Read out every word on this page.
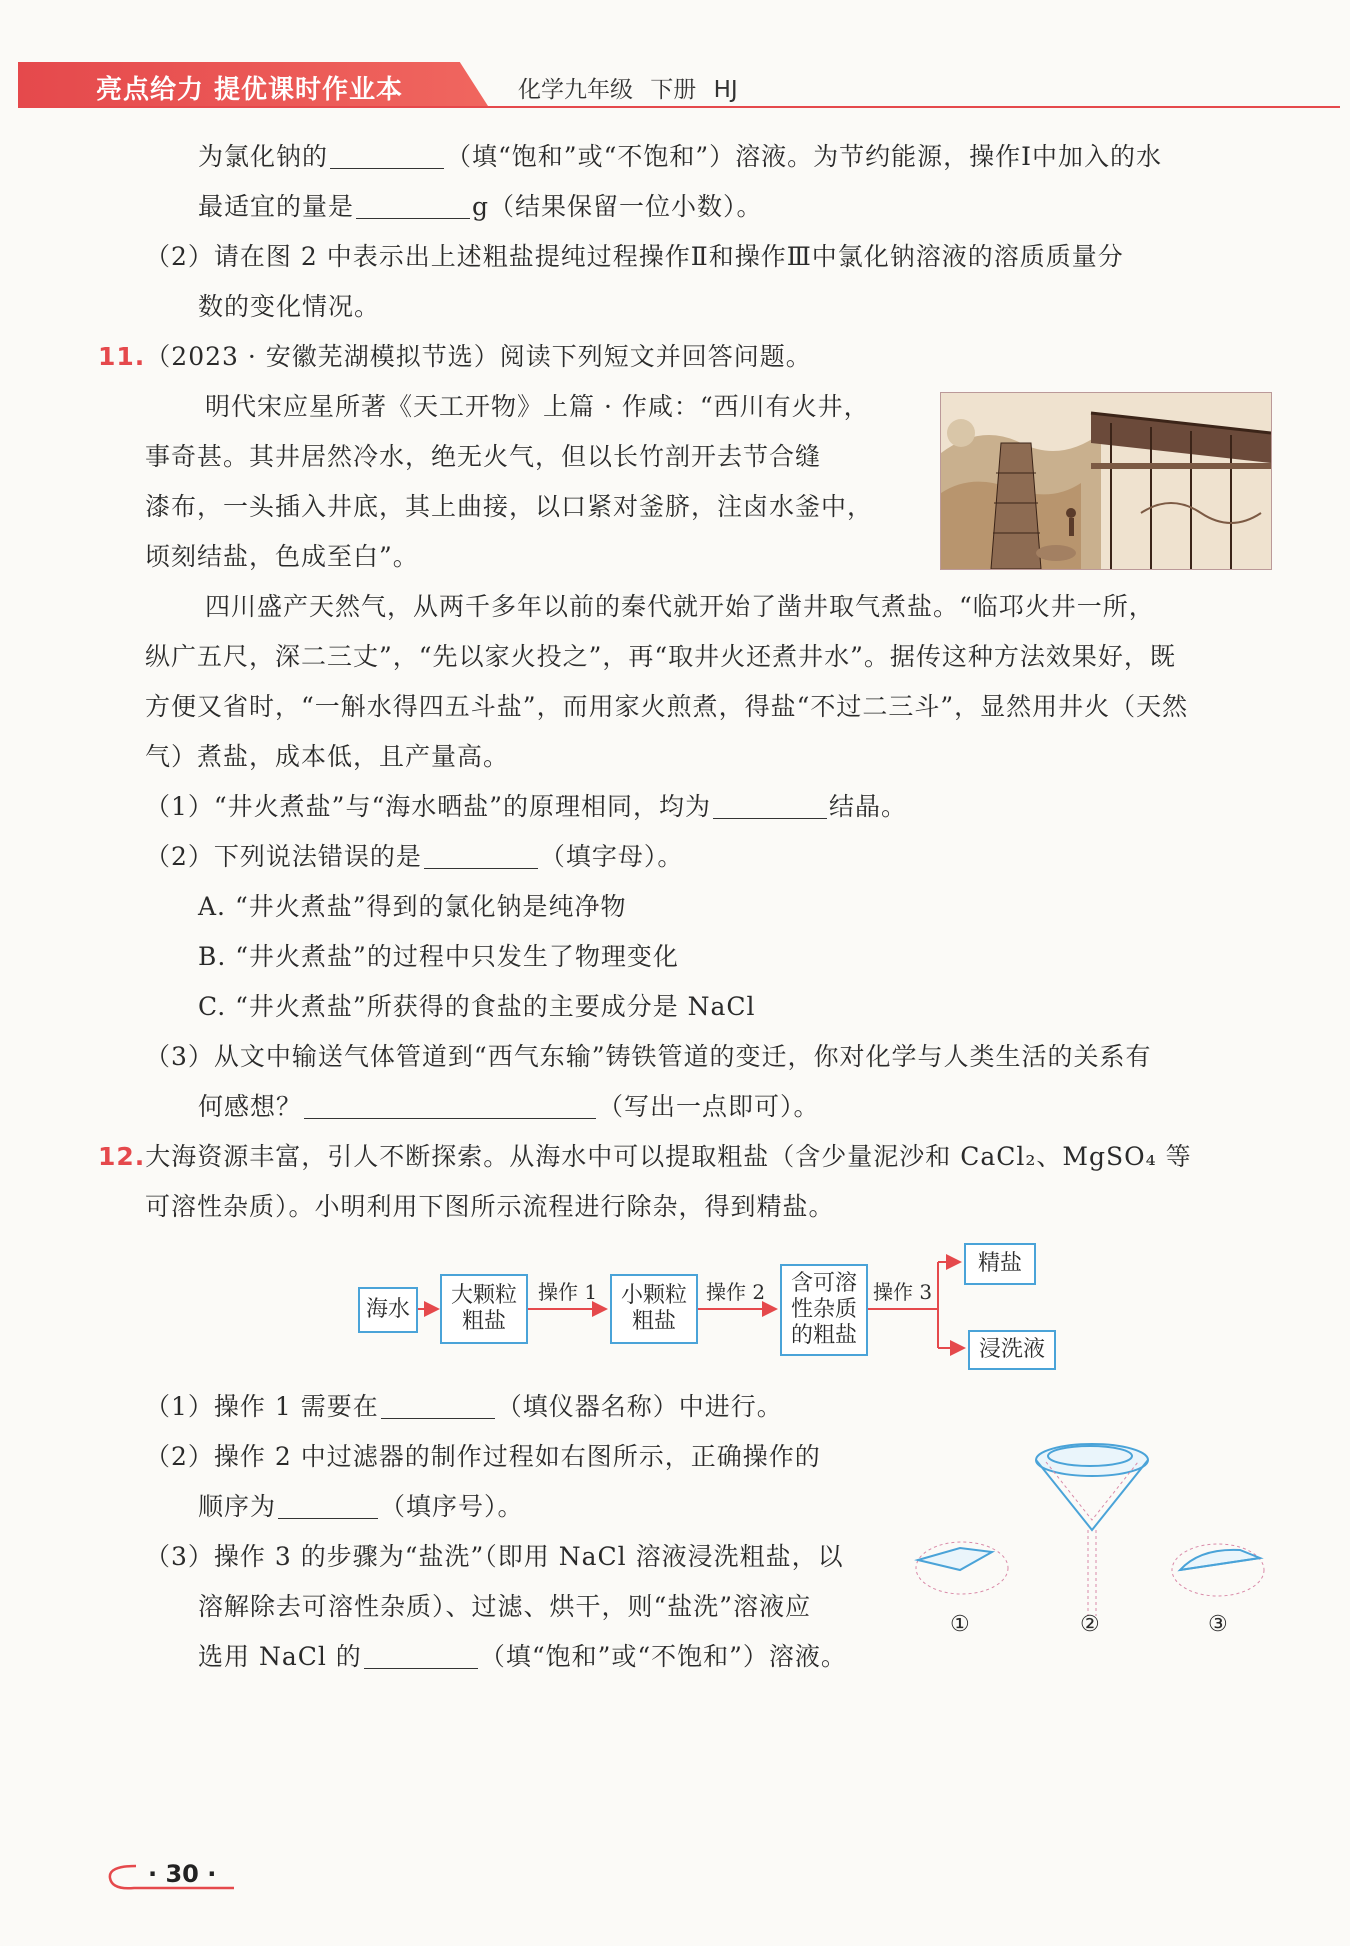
亮点给力 提优课时作业本	化学九年级 下册 HJ
为氯化钠的	（填“饱和”或“不饱和”）溶液。为节约能源，操作Ⅰ中加入的水
最适宜的量是	g（结果保留一位小数）。
（2）请在图 2 中表示出上述粗盐提纯过程操作Ⅱ和操作Ⅲ中氯化钠溶液的溶质质量分
数的变化情况。
11.（2023 · 安徽芜湖模拟节选）阅读下列短文并回答问题。
明代宋应星所著《天工开物》上篇 · 作咸：“西川有火井，
事奇甚。其井居然冷水，绝无火气，但以长竹剖开去节合缝
漆布，一头插入井底，其上曲接，以口紧对釜脐，注卤水釜中，
顷刻结盐，色成至白”。
四川盛产天然气，从两千多年以前的秦代就开始了凿井取气煮盐。“临邛火井一所，
纵广五尺，深二三丈”，“先以家火投之”，再“取井火还煮井水”。据传这种方法效果好，既
方便又省时，“一斛水得四五斗盐”，而用家火煎煮，得盐“不过二三斗”，显然用井火（天然
气）煮盐，成本低，且产量高。
（1）“井火煮盐”与“海水晒盐”的原理相同，均为	结晶。
（2）下列说法错误的是	（填字母）。
A. “井火煮盐”得到的氯化钠是纯净物
B. “井火煮盐”的过程中只发生了物理变化
C. “井火煮盐”所获得的食盐的主要成分是 NaCl
（3）从文中输送气体管道到“西气东输”铸铁管道的变迁，你对化学与人类生活的关系有
何感想？	（写出一点即可）。
12.大海资源丰富，引人不断探索。从海水中可以提取粗盐（含少量泥沙和 CaCl₂、MgSO₄ 等
可溶性杂质）。小明利用下图所示流程进行除杂，得到精盐。
海水
大颗粒
粗盐
操作 1 小颗粒
粗盐
操作 2 含可溶
性杂质
的粗盐
操作 3
精盐
浸洗液
（1）操作 1 需要在	（填仪器名称）中进行。
（2）操作 2 中过滤器的制作过程如右图所示，正确操作的
顺序为	（填序号）。
（3）操作 3 的步骤为“盐洗”（即用 NaCl 溶液浸洗粗盐，以
溶解除去可溶性杂质）、过滤、烘干，则“盐洗”溶液应
选用 NaCl 的	（填“饱和”或“不饱和”）溶液。
①	②	③
· 30 ·
